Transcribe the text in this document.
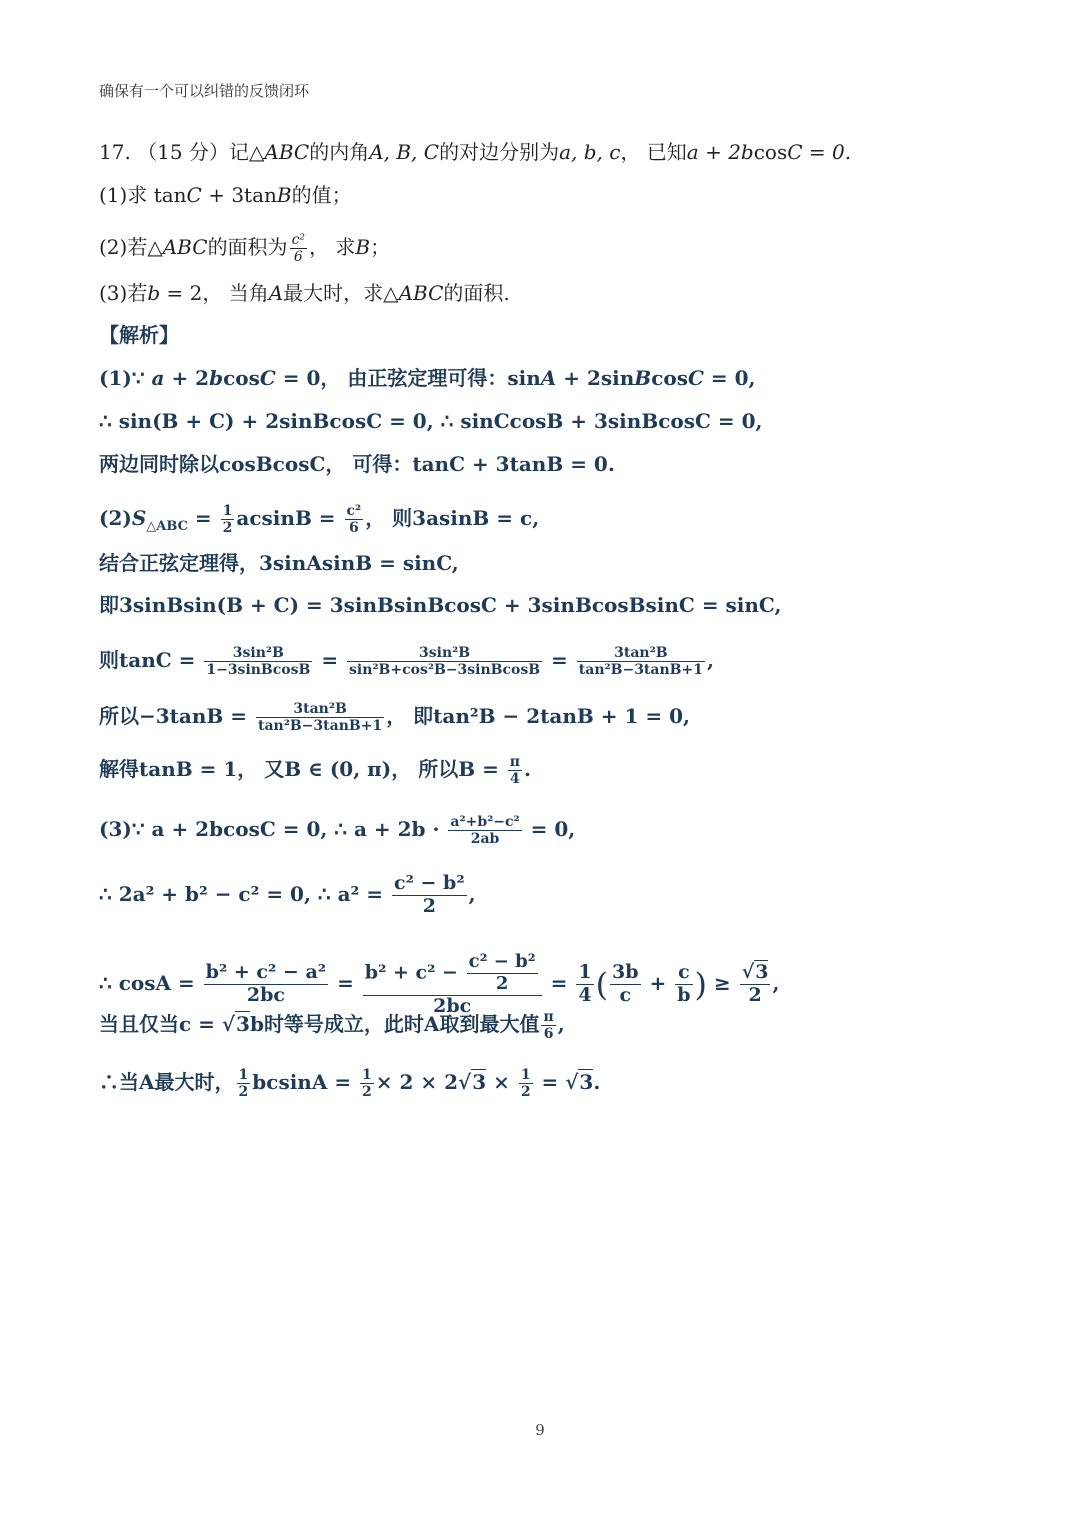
确保有一个可以纠错的反馈闭环
17. （15 分）记△ABC的内角A, B, C的对边分别为a, b, c， 已知a + 2bcosC = 0.
(1)求 tanC + 3tanB的值；
(2)若△ABC的面积为 $\frac{\text{c²}}{6}$ ， 求B；
(3)若b = 2， 当角A最大时，求△ABC的面积.
【解析】
(1)∵ a + 2bcosC = 0， 由正弦定理可得：sinA + 2sinBcosC = 0,
∴ sin(B + C) + 2sinBcosC = 0, ∴ sinCcosB + 3sinBcosC = 0,
两边同时除以cosBcosC， 可得：tanC + 3tanB = 0.
$(2)S_{\triangle ABC} = \frac{1}{2}$ $acsinB = \frac{\text{c²}}{6}$ ， 则3asinB = c,
结合正弦定理得，3sinAsinB = sinC,
即3sinBsin(B + C) = 3sinBsinBcosC + 3sinBcosBsinC = sinC,
则$\tan C = \frac{\text{3sin²B}}{\text{1−3sinBcosB}} = \frac{\text{3sin²B}}{\text{sin²B+cos²B−3sinBcosB}} = \frac{\text{3tan²B}}{\text{tan²B−3tanB+1}}$ ,
所以$-3\tan B = \frac{\text{3tan²B}}{\text{tan²B−3tanB+1}}$ ， 即tan²B − 2tanB + 1 = 0,
解得tanB = 1， 又B ∈ (0, π)， 所以$B = \frac{\pi}{4}$ .
(3)∵ a + 2bcosC = 0, ∴ $a + 2b \cdot \frac{\text{a²+b²−c²}}{2ab} = 0$,
∴ 2a² + b² − c² = 0, ∴ $a^2 = \frac{\text{c² − b²}}{2}$ ,
∴ $\cos A = \frac{\text{b² + c² − a²}}{2bc} = \frac{b^2 + c^2 - \frac{\text{c² − b²}}{2}}{2bc} = \frac{1}{4}$ ( $\frac{3b}{c} + \frac{c}{b}$ ) ≥ $\frac{√3}{2}$ ,
当且仅当c = √3b时等号成立，此时A取到最大值 $\frac{\pi}{6}$ ,
∴当A最大时， $\frac{1}{2}$ $bcsinA = \frac{1}{2} \times 2 \times 2√3 \times \frac{1}{2} = √3$.
9
